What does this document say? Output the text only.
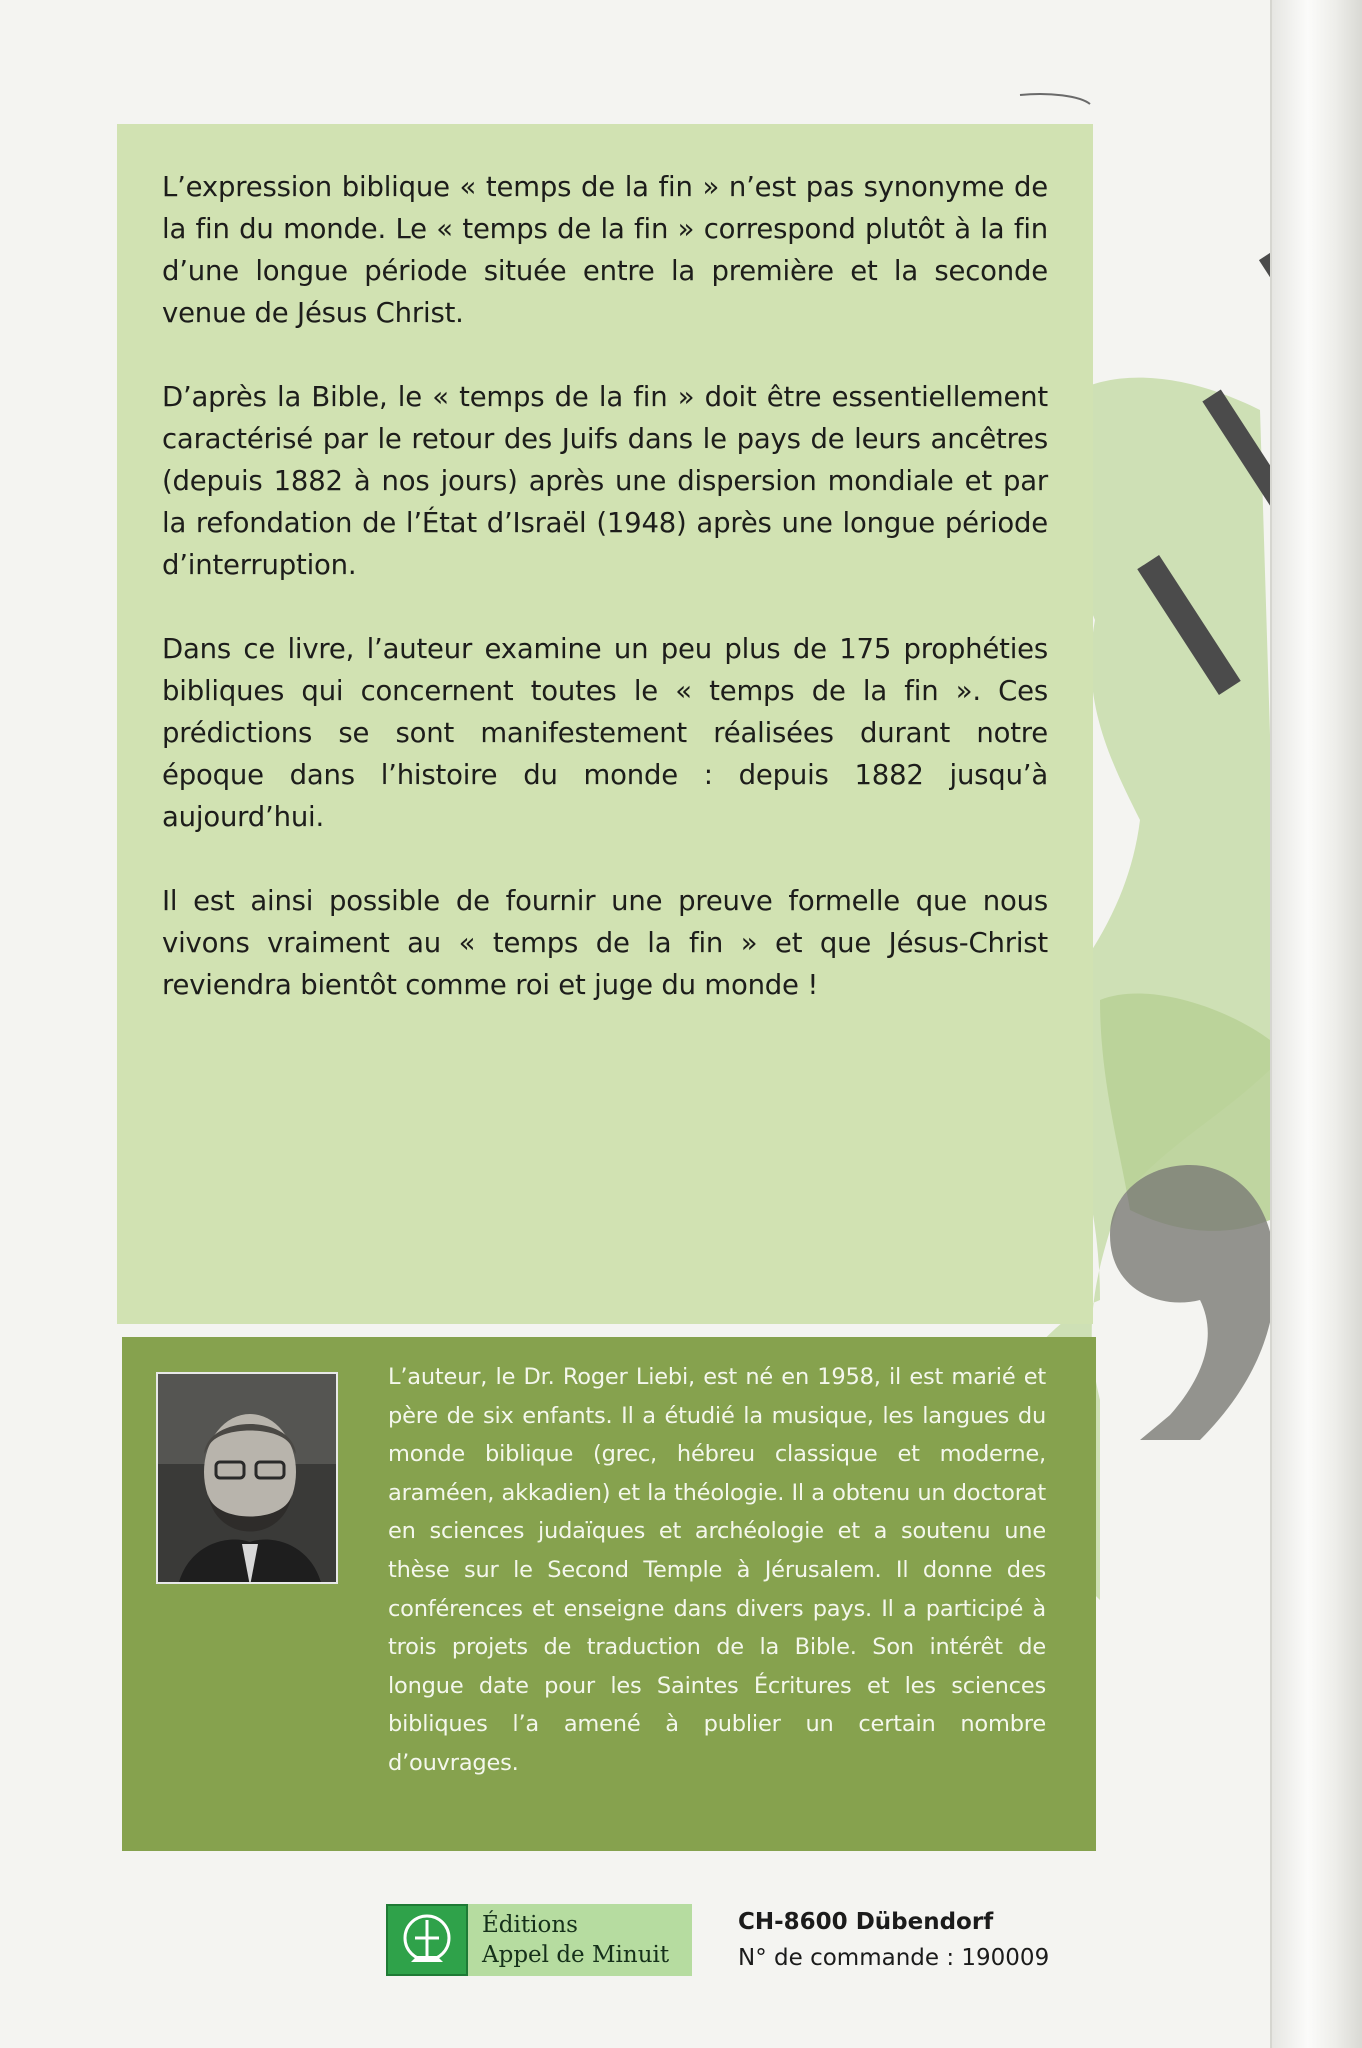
L’expression biblique « temps de la fin » n’est pas synonyme de la fin du monde. Le « temps de la fin » correspond plutôt à la fin d’une longue période située entre la première et la seconde venue de Jésus Christ.

D’après la Bible, le « temps de la fin » doit être essentiellement caractérisé par le retour des Juifs dans le pays de leurs ancêtres (depuis 1882 à nos jours) après une dispersion mondiale et par la refondation de l’État d’Israël (1948) après une longue période d’interruption.

Dans ce livre, l’auteur examine un peu plus de 175 prophéties bibliques qui concernent toutes le « temps de la fin ». Ces prédictions se sont manifestement réalisées durant notre époque dans l’histoire du monde : depuis 1882 jusqu’à aujourd’hui.

Il est ainsi possible de fournir une preuve formelle que nous vivons vraiment au « temps de la fin » et que Jésus-Christ reviendra bientôt comme roi et juge du monde !

L’auteur, le Dr. Roger Liebi, est né en 1958, il est marié et père de six enfants. Il a étudié la musique, les langues du monde biblique (grec, hébreu classique et moderne, araméen, akkadien) et la théologie. Il a obtenu un doctorat en sciences judaïques et archéologie et a soutenu une thèse sur le Second Temple à Jérusalem. Il donne des conférences et enseigne dans divers pays. Il a participé à trois projets de traduction de la Bible. Son intérêt de longue date pour les Saintes Écritures et les sciences bibliques l’a amené à publier un certain nombre d’ouvrages.
Éditions
Appel de Minuit
CH-8600 Dübendorf
N° de commande : 190009
